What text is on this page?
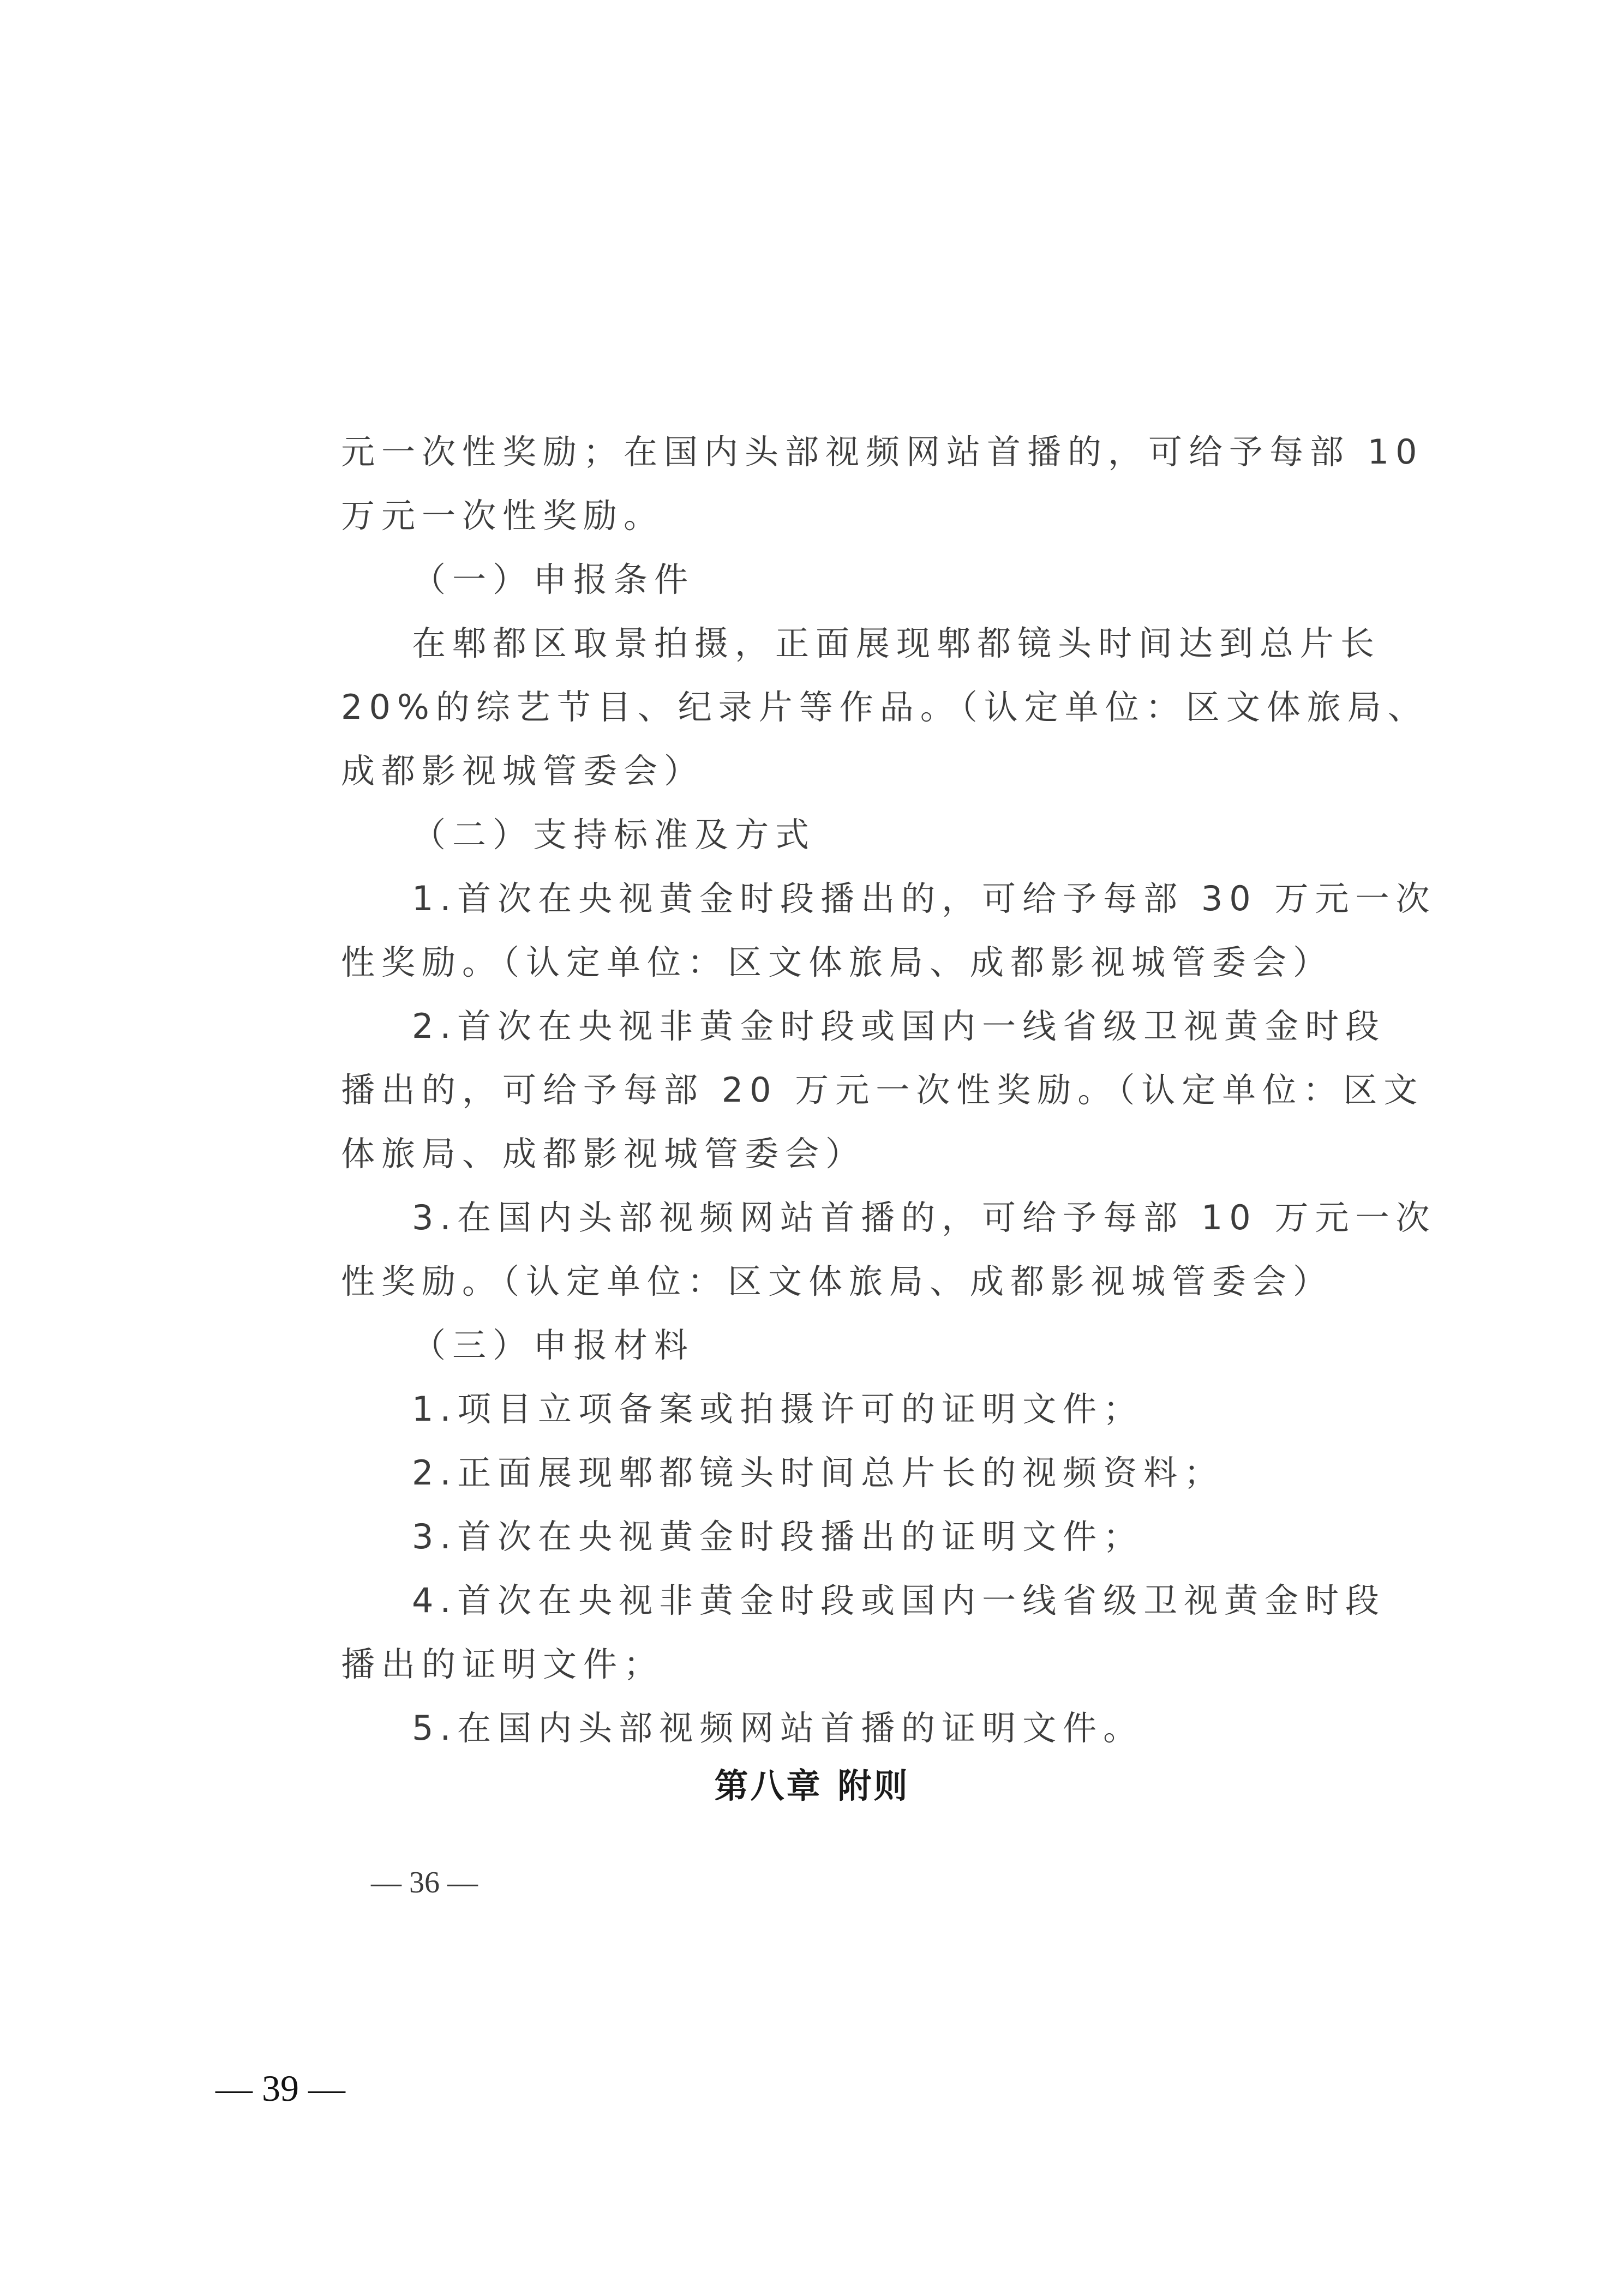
元一次性奖励；在国内头部视频网站首播的，可给予每部 10
万元一次性奖励。
（一）申报条件
在郫都区取景拍摄，正面展现郫都镜头时间达到总片长
20%的综艺节目、纪录片等作品。（认定单位：区文体旅局、
成都影视城管委会）
（二）支持标准及方式
1.首次在央视黄金时段播出的，可给予每部 30 万元一次
性奖励。（认定单位：区文体旅局、成都影视城管委会）
2.首次在央视非黄金时段或国内一线省级卫视黄金时段
播出的，可给予每部 20 万元一次性奖励。（认定单位：区文
体旅局、成都影视城管委会）
3.在国内头部视频网站首播的，可给予每部 10 万元一次
性奖励。（认定单位：区文体旅局、成都影视城管委会）
（三）申报材料
1.项目立项备案或拍摄许可的证明文件；
2.正面展现郫都镜头时间总片长的视频资料；
3.首次在央视黄金时段播出的证明文件；
4.首次在央视非黄金时段或国内一线省级卫视黄金时段
播出的证明文件；
5.在国内头部视频网站首播的证明文件。
第八章 附则
— 36 —
— 39 —
